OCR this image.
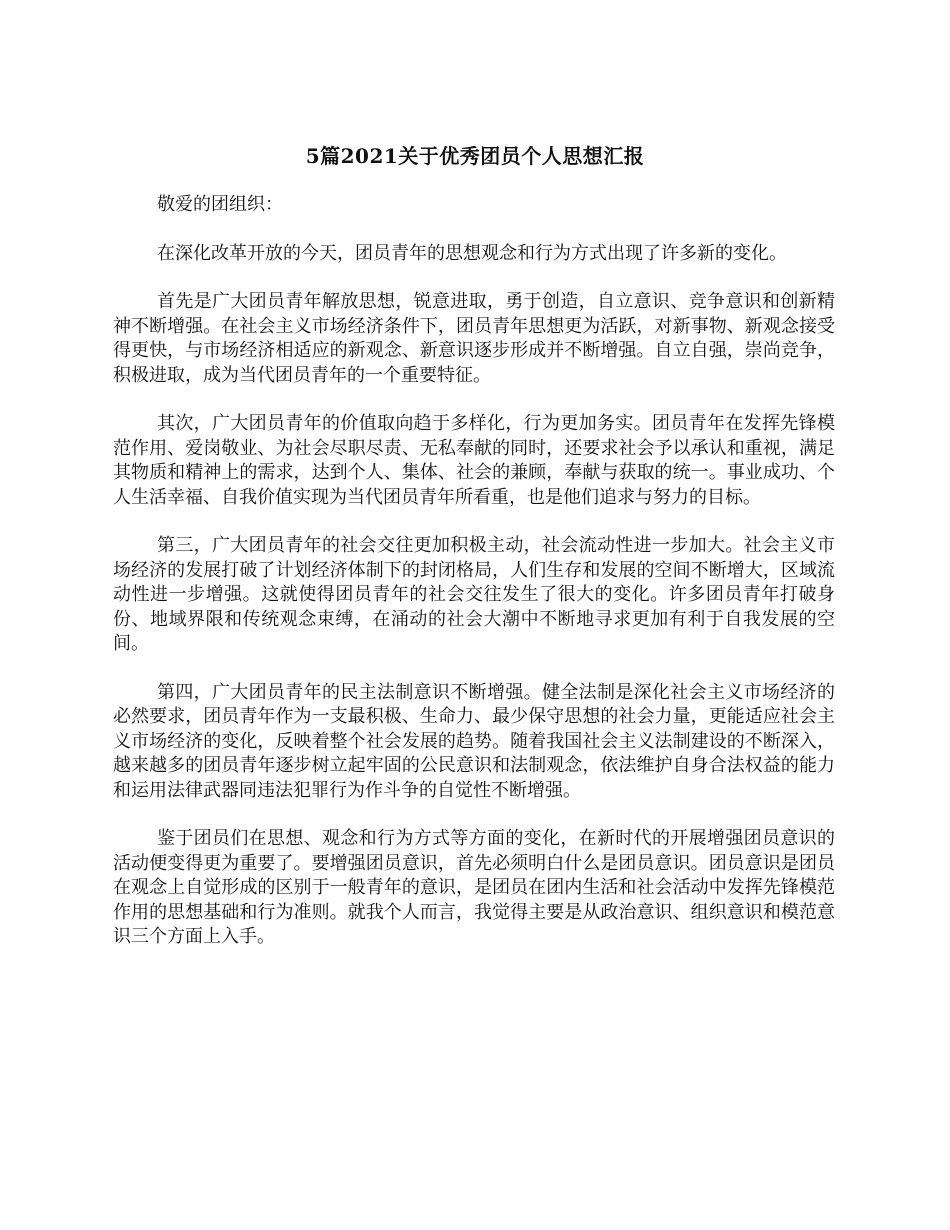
5篇2021关于优秀团员个人思想汇报

敬爱的团组织：

在深化改革开放的今天，团员青年的思想观念和行为方式出现了许多新的变化。

首先是广大团员青年解放思想，锐意进取，勇于创造，自立意识、竞争意识和创新精神不断增强。在社会主义市场经济条件下，团员青年思想更为活跃，对新事物、新观念接受得更快，与市场经济相适应的新观念、新意识逐步形成并不断增强。自立自强，崇尚竞争，积极进取，成为当代团员青年的一个重要特征。

其次，广大团员青年的价值取向趋于多样化，行为更加务实。团员青年在发挥先锋模范作用、爱岗敬业、为社会尽职尽责、无私奉献的同时，还要求社会予以承认和重视，满足其物质和精神上的需求，达到个人、集体、社会的兼顾，奉献与获取的统一。事业成功、个人生活幸福、自我价值实现为当代团员青年所看重，也是他们追求与努力的目标。

第三，广大团员青年的社会交往更加积极主动，社会流动性进一步加大。社会主义市场经济的发展打破了计划经济体制下的封闭格局，人们生存和发展的空间不断增大，区域流动性进一步增强。这就使得团员青年的社会交往发生了很大的变化。许多团员青年打破身份、地域界限和传统观念束缚，在涌动的社会大潮中不断地寻求更加有利于自我发展的空间。

第四，广大团员青年的民主法制意识不断增强。健全法制是深化社会主义市场经济的必然要求，团员青年作为一支最积极、生命力、最少保守思想的社会力量，更能适应社会主义市场经济的变化，反映着整个社会发展的趋势。随着我国社会主义法制建设的不断深入，越来越多的团员青年逐步树立起牢固的公民意识和法制观念，依法维护自身合法权益的能力和运用法律武器同违法犯罪行为作斗争的自觉性不断增强。

鉴于团员们在思想、观念和行为方式等方面的变化，在新时代的开展增强团员意识的活动便变得更为重要了。要增强团员意识，首先必须明白什么是团员意识。团员意识是团员在观念上自觉形成的区别于一般青年的意识，是团员在团内生活和社会活动中发挥先锋模范作用的思想基础和行为准则。就我个人而言，我觉得主要是从政治意识、组织意识和模范意识三个方面上入手。
